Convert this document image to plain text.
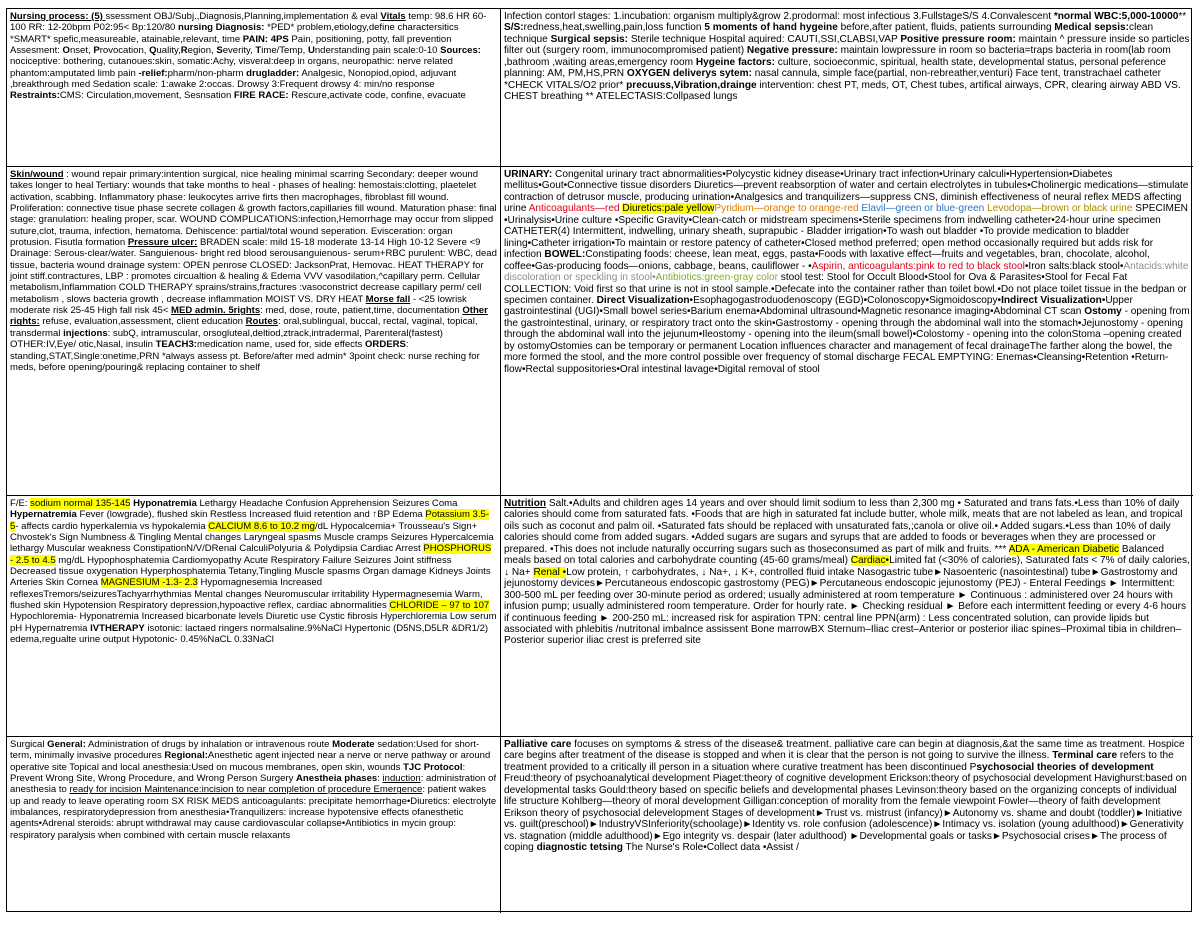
Nursing process: (5) ssessment OBJ/Subj.,Diagnosis,Planning,implementation & eval Vitals temp: 98.6 HR 60-100 RR: 12-20bpm P02:95< Bp:120/80 nursing Diagnosis: *PED* problem,etiology,define charactersitics *SMART* spefic,measureable, atainable,relevant, time PAIN: 4PS Pain, positioning, potty, fall prevention Assesment: Onset, Provocation, Quality,Region, Severity, Time/Temp, Understanding pain scale:0-10 Sources: nociceptive: bothering, cutanoues:skin, somatic:Achy, visveral:deep in organs, neuropathic: nerve related phantom:amputated limb pain -relief:pharm/non-pharm drugladder: Analgesic, Nonopiod,opiod, adjuvant ,breakthrough med Sedation scale: 1:awake 2:occas. Drowsy 3:Frequent drowsy 4: min/no response Restraints:CMS: Circulation,movement, Sesnsation FIRE RACE: Rescure,activate code, confine, evacuate

Infection contorl stages: 1.incubation: organism multiply&grow 2.prodormal: most infectious 3.FullstageS/S 4.Convalescent *normal WBC:5,000-10000** S/S:redness,heat,swelling,pain,loss function 5 moments of hand hygeine before,after patient, fluids, patients surrounding Medical sepsis:clean technique Surgical sepsis: Sterile technique Hospital aquired: CAUTI,SSI,CLABSI,VAP Positive pressure room: maintain ^ pressure inside so particles filter out (surgery room, immunocompromised patient) Negative pressure: maintain lowpressure in room so bacteria=traps bacteria in room(lab room ,bathroom ,waiting areas,emergency room Hygeine factors: culture, socioeconmic, spiritual, health state, developmental status, personal peference planning: AM, PM,HS,PRN OXYGEN deliverys sytem: nasal cannula, simple face(partial, non-rebreather,venturi) Face tent, transtrachael catheter *CHECK VITALS/O2 prior* precuuss,Vibration,drainge intervention: chest PT, meds, OT, Chest tubes, artifical airways, CPR, clearing airway ABD VS. CHEST breathing ** ATELECTASIS:Collpased lungs

Skin/wound : wound repair primary:intention surgical, nice healing minimal scarring Secondary: deeper wound takes longer to heal Tertiary: wounds that take months to heal - phases of healing: hemostais:clotting, plaetelet activation, scabbing. Inflammatory phase: leukocytes arrive firts then macrophages, fibroblast fill wound. Proliferation: connective tisue phase secrete collagen & growth factors,capillaries fill wound. Maturation phase: final stage: granulation: healing proper, scar. WOUND COMPLICATIONS:infection,Hemorrhage may occur from slipped suture,clot, trauma, infection, hematoma. Dehiscence: partial/total wound seperation. Evisceration: organ protusion. Fisutla formation Pressure ulcer: BRADEN scale: mild 15-18 moderate 13-14 High 10-12 Severe <9 Drainage: Serous-clear/water. Sanguienous- bright red blood serousanguienous- serum+RBC purulent: WBC, dead tissue, bacteria wound drainage system: OPEN penrose CLOSED: JacksonPrat, Hemovac. HEAT THERAPY for joint stiff.contractures, LBP : promotes circualtion & healing & Edema VVV vasodilation,^capillary perm. Cellular metabolism,Inflammation COLD THERAPY sprains/strains,fractures :vasoconstrict decrease capillary perm/ cell metabolism , slows bacteria growth , decrease inflammation MOIST VS. DRY HEAT Morse fall - <25 lowrisk moderate risk 25-45 High fall risk 45< MED admin. 5rights: med, dose, route, patient,time, documentation Other rights: refuse, evaluation,assessment, client education Routes: oral,sublingual, buccal, rectal, vaginal, topical, transdermal injections: subQ, intramuscular, orsogluteal,deltiod,ztrack,intradermal, Parenteral(fastest) OTHER:IV,Eye/ otic,Nasal, insulin TEACH3:medication name, used for, side effects ORDERS: standing,STAT,Single:onetime,PRN *always assess pt. Before/after med admin* 3point check: nurse reching for meds, before opening/pouring& replacing container to shelf

URINARY: Congenital urinary tract abnormalities•Polycystic kidney disease•Urinary tract infection•Urinary calculi•Hypertension•Diabetes mellitus•Gout•Connective tissue disorders Diuretics—prevent reabsorption of water and certain electrolytes in tubules•Cholinergic medications—stimulate contraction of detrusor muscle, producing urination•Analgesics and tranquilizers—suppress CNS, diminish effectiveness of neural reflex MEDS affecting urine Anticoagulants—red Diuretics:pale yellowPyridium—orange to orange-red Elavil—green or blue-green Levodopa—brown or black urine SPECIMEN •Urinalysis•Urine culture •Specific Gravity•Clean-catch or midstream specimens•Sterile specimens from indwelling catheter•24-hour urine specimen CATHETER(4) Intermittent, indwelling, urinary sheath, suprapubic - Bladder irrigation•To wash out bladder •To provide medication to bladder lining•Catheter irrigation•To maintain or restore patency of catheter•Closed method preferred; open method occasionally required but adds risk for infection BOWEL:Constipating foods: cheese, lean meat, eggs, pasta•Foods with laxative effect—fruits and vegetables, bran, chocolate, alcohol, coffee•Gas-producing foods—onions, cabbage, beans, cauliflower - •Aspirin, anticoagulants:pink to red to black stool•Iron salts:black stool•Antacids:white discoloration or speckling in stool•Antibiotics:green-gray color stool test: Stool for Occult Blood•Stool for Ova & Parasites•Stool for Fecal Fat COLLECTION: Void first so that urine is not in stool sample.•Defecate into the container rather than toilet bowl.•Do not place toilet tissue in the bedpan or specimen container. Direct Visualization•Esophagogastroduodenoscopy (EGD)•Colonoscopy•Sigmoidoscopy•Indirect Visualization•Upper gastrointestinal (UGI)•Small bowel series•Barium enema•Abdominal ultrasound•Magnetic resonance imaging•Abdominal CT scan Ostomy - opening from the gastrointestinal, urinary, or respiratory tract onto the skin•Gastrostomy - opening through the abdominal wall into the stomach•Jejunostomy - opening through the abdominal wall into the jejunum•Ileostomy - opening into the ileum(small bowel)•Colostomy - opening into the colonStoma –opening created by ostomyOstomies can be temporary or permanent Location influences character and management of fecal drainageThe farther along the bowel, the more formed the stool, and the more control possible over frequency of stomal discharge FECAL EMPTYING: Enemas•Cleansing•Retention •Return-flow•Rectal suppositories•Oral intestinal lavage•Digital removal of stool

F/E: sodium normal 135-145 Hyponatremia Lethargy Headache Confusion Apprehension Seizures Coma Hypernatremia Fever (lowgrade), flushed skin Restless Increased fluid retention and ↑BP Edema Potassium 3.5-5- affects cardio hyperkalemia vs hypokalemia CALCIUM 8.6 to 10.2 mg/dL Hypocalcemia+ Trousseau's Sign+ Chvostek's Sign Numbness & Tingling Mental changes Laryngeal spasms Muscle cramps Seizures Hypercalcemia lethargy Muscular weakness ConstipationN/V/DRenal CalculiPolyuria & Polydipsia Cardiac Arrest PHOSPHORUS - 2.5 to 4.5 mg/dL Hypophosphatemia Cardiomyopathy Acute Respiratory Failure Seizures Joint stiffness Decreased tissue oxygenation Hyperphosphatemia Tetany,Tingling Muscle spasms Organ damage Kidneys Joints Arteries Skin Cornea MAGNESIUM -1.3- 2.3 Hypomagnesemia Increased reflexesTremors/seizuresTachyarrhythmias Mental changes Neuromuscular irritability Hypermagnesemia Warm, flushed skin Hypotension Respiratory depression,hypoactive reflex, cardiac abnormalities CHLORIDE – 97 to 107 Hypochloremia- Hyponatremia Increased bicarbonate levels Diuretic use Cystic fibrosis Hyperchloremia Low serum pH Hypernatremia IVTHERAPY isotonic: lactaed ringers normalsaline.9%NaCl Hypertonic (D5NS,D5LR &DR1/2) edema,regualte urine output Hypotonic- 0.45%NaCL 0.33NaCl

Nutrition Salt.•Adults and children ages 14 years and over should limit sodium to less than 2,300 mg • Saturated and trans fats.•Less than 10% of daily calories should come from saturated fats. •Foods that are high in saturated fat include butter, whole milk, meats that are not labeled as lean, and tropical oils such as coconut and palm oil. •Saturated fats should be replaced with unsaturated fats,;canola or olive oil.• Added sugars.•Less than 10% of daily calories should come from added sugars. •Added sugars are sugars and syrups that are added to foods or beverages when they are processed or prepared. •This does not include naturally occurring sugars such as thoseconsumed as part of milk and fruits. *** ADA - American Diabetic Balanced meals based on total calories and carbohydrate counting (45-60 grams/meal) Cardiac•Limited fat (<30% of calories), Saturated fats < 7% of daily calories, ↓ Na+ Renal •Low protein, ↑ carbohydrates, ↓ Na+, ↓ K+, controlled fluid intake Nasogastric tube►Nasoenteric (nasointestinal) tube►Gastrostomy and jejunostomy devices►Percutaneous endoscopic gastrostomy (PEG)►Percutaneous endoscopic jejunostomy (PEJ) - Enteral Feedings ► Intermittent: 300-500 mL per feeding over 30-minute period as ordered; usually administered at room temperature ► Continuous : administered over 24 hours with infusion pump; usually administered room temperature. Order for hourly rate. ► Checking residual ► Before each intermittent feeding or every 4-6 hours if continuous feeding ► 200-250 mL: increased risk for aspiration TPN: central line PPN(arm) : Less concentrated solution, can provide lipids but associated with phlebitis /nutritonal imbalnce assissent Bone marrowBX Sternum–Iliac crest–Anterior or posterior iliac spines–Proximal tibia in children–Posterior superior iliac crest is preferred site

Surgical General: Administration of drugs by inhalation or intravenous route Moderate sedation:Used for short-term, minimally invasive procedures Regional:Anesthetic agent injected near a nerve or nerve pathway or around operative site Topical and local anesthesia:Used on mucous membranes, open skin, wounds TJC Protocol: Prevent Wrong Site, Wrong Procedure, and Wrong Person Surgery Anestheia phases: induction: administration of anesthesia to ready for incision Maintenance:incision to near completion of procedure Emergence: patient wakes up and ready to leave operating room SX RISK MEDS anticoagulants: precipitate hemorrhage•Diuretics: electrolyte imbalances, respiratorydepression from anesthesia•Tranquilizers: increase hypotensive effects ofanesthetic agents•Adrenal steroids: abrupt withdrawal may cause cardiovascular collapse•Antibiotics in mycin group: respiratory paralysis when combined with certain muscle relaxants

Palliative care focuses on symptoms & stress of the disease& treatment. palliative care can begin at diagnosis,&at the same time as treatment. Hospice care begins after treatment of the disease is stopped and when it is clear that the person is not going to survive the illness. Terminal care refers to the treatment provided to a critically ill person in a situation where curative treatment has been discontinued Psychosocial theories of development Freud:theory of psychoanalytical development Piaget:theory of cognitive development Erickson:theory of psychosocial development Havighurst:based on developmental tasks Gould:theory based on specific beliefs and developmental phases Levinson:theory based on the organizing concepts of individual life structure Kohlberg—theory of moral development Gilligan:conception of morality from the female viewpoint Fowler—theory of faith development Erikson theory of psychosocial delevelopment Stages of development►Trust vs. mistrust (infancy)►Autonomy vs. shame and doubt (toddler)►Initiative vs. guilt(preschool)►IndustryVSInferiority(schoolage)►Identity vs. role confusion (adolescence)►Intimacy vs. isolation (young adulthood)►Generativity vs. stagnation (middle adulthood)►Ego integrity vs. despair (later adulthood) ►Developmental goals or tasks►Psychosocial crises►The process of coping diagnostic tetsing The Nurse's Role•Collect data •Assist /
